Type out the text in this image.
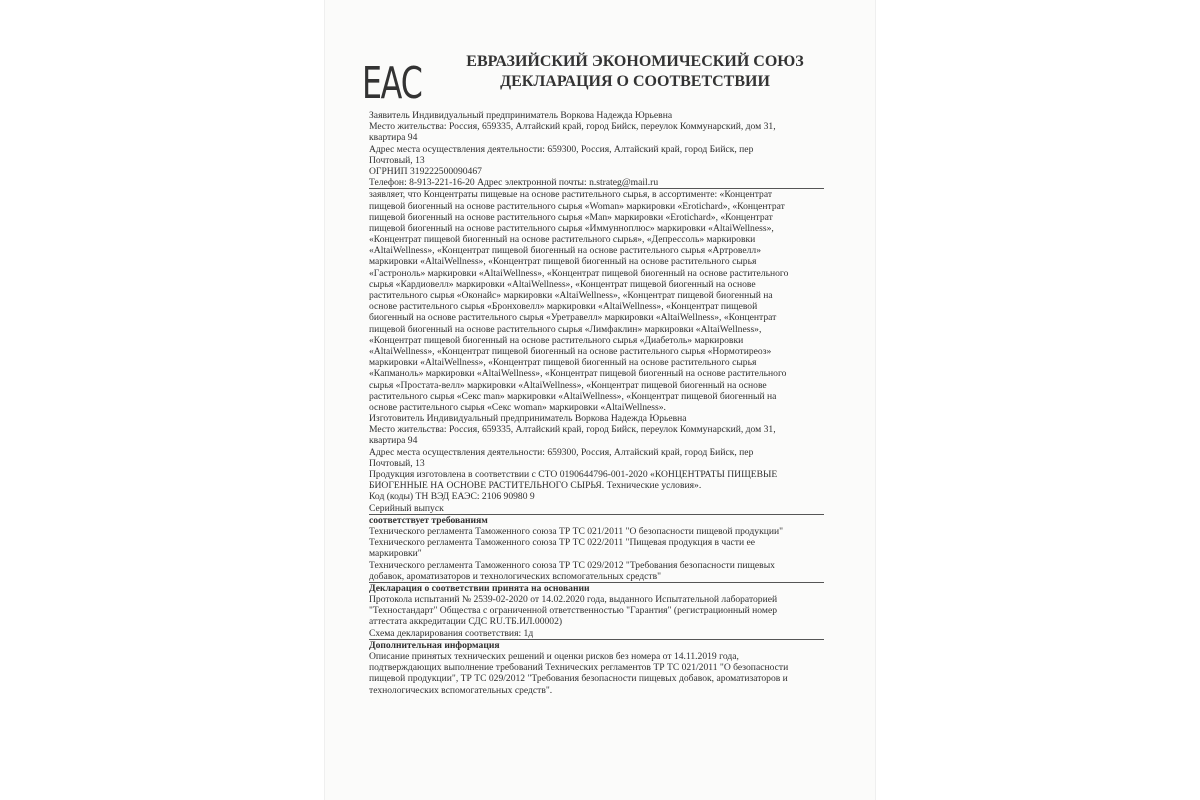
ЕАС	ЕВРАЗИЙСКИЙ ЭКОНОМИЧЕСКИЙ СОЮЗ
ДЕКЛАРАЦИЯ О СООТВЕТСТВИИ
Заявитель Индивидуальный предприниматель Воркова Надежда Юрьевна
Место жительства: Россия, 659335, Алтайский край, город Бийск, переулок Коммунарский, дом 31,
квартира 94
Адрес места осуществления деятельности: 659300, Россия, Алтайский край, город Бийск, пер
Почтовый, 13
ОГРНИП 319222500090467
Телефон: 8-913-221-16-20 Адрес электронной почты: n.strateg@mail.ru
заявляет, что Концентраты пищевые на основе растительного сырья, в ассортименте: «Концентрат
пищевой биогенный на основе растительного сырья «Woman» маркировки «Erotichard», «Концентрат
пищевой биогенный на основе растительного сырья «Man» маркировки «Erotichard», «Концентрат
пищевой биогенный на основе растительного сырья «Иммунноплюс» маркировки «AltaiWellness»,
«Концентрат пищевой биогенный на основе растительного сырья», «Депрессоль» маркировки
«AltaiWellness», «Концентрат пищевой биогенный на основе растительного сырья «Артровелл»
маркировки «AltaiWellness», «Концентрат пищевой биогенный на основе растительного сырья
«Гастроноль» маркировки «AltaiWellness», «Концентрат пищевой биогенный на основе растительного
сырья «Кардиовелл» маркировки «AltaiWellness», «Концентрат пищевой биогенный на основе
растительного сырья «Оконайс» маркировки «AltaiWellness», «Концентрат пищевой биогенный на
основе растительного сырья «Бронховелл» маркировки «AltaiWellness», «Концентрат пищевой
биогенный на основе растительного сырья «Уретравелл» маркировки «AltaiWellness», «Концентрат
пищевой биогенный на основе растительного сырья «Лимфаклин» маркировки «AltaiWellness»,
«Концентрат пищевой биогенный на основе растительного сырья «Диабетоль» маркировки
«AltaiWellness», «Концентрат пищевой биогенный на основе растительного сырья «Нормотиреоз»
маркировки «AltaiWellness», «Концентрат пищевой биогенный на основе растительного сырья
«Капманоль» маркировки «AltaiWellness», «Концентрат пищевой биогенный на основе растительного
сырья «Простата-велл» маркировки «AltaiWellness», «Концентрат пищевой биогенный на основе
растительного сырья «Секс man» маркировки «AltaiWellness», «Концентрат пищевой биогенный на
основе растительного сырья «Секс woman» маркировки «AltaiWellness».
Изготовитель Индивидуальный предприниматель Воркова Надежда Юрьевна
Место жительства: Россия, 659335, Алтайский край, город Бийск, переулок Коммунарский, дом 31,
квартира 94
Адрес места осуществления деятельности: 659300, Россия, Алтайский край, город Бийск, пер
Почтовый, 13
Продукция изготовлена в соответствии с СТО 0190644796-001-2020 «КОНЦЕНТРАТЫ ПИЩЕВЫЕ
БИОГЕННЫЕ НА ОСНОВЕ РАСТИТЕЛЬНОГО СЫРЬЯ. Технические условия».
Код (коды) ТН ВЭД ЕАЭС: 2106 90980 9
Серийный выпуск
соответствует требованиям
Технического регламента Таможенного союза ТР ТС 021/2011 "О безопасности пищевой продукции"
Технического регламента Таможенного союза ТР ТС 022/2011 "Пищевая продукция в части ее
маркировки"
Технического регламента Таможенного союза ТР ТС 029/2012 "Требования безопасности пищевых
добавок, ароматизаторов и технологических вспомогательных средств"
Декларация о соответствии принята на основании
Протокола испытаний № 2539-02-2020 от 14.02.2020 года, выданного Испытательной лабораторией
"Техностандарт" Общества с ограниченной ответственностью "Гарантия" (регистрационный номер
аттестата аккредитации СДС RU.ТБ.ИЛ.00002)
Схема декларирования соответствия: 1д
Дополнительная информация
Описание принятых технических решений и оценки рисков без номера от 14.11.2019 года,
подтверждающих выполнение требований Технических регламентов ТР ТС 021/2011 "О безопасности
пищевой продукции", ТР ТС 029/2012 "Требования безопасности пищевых добавок, ароматизаторов и
технологических вспомогательных средств".
